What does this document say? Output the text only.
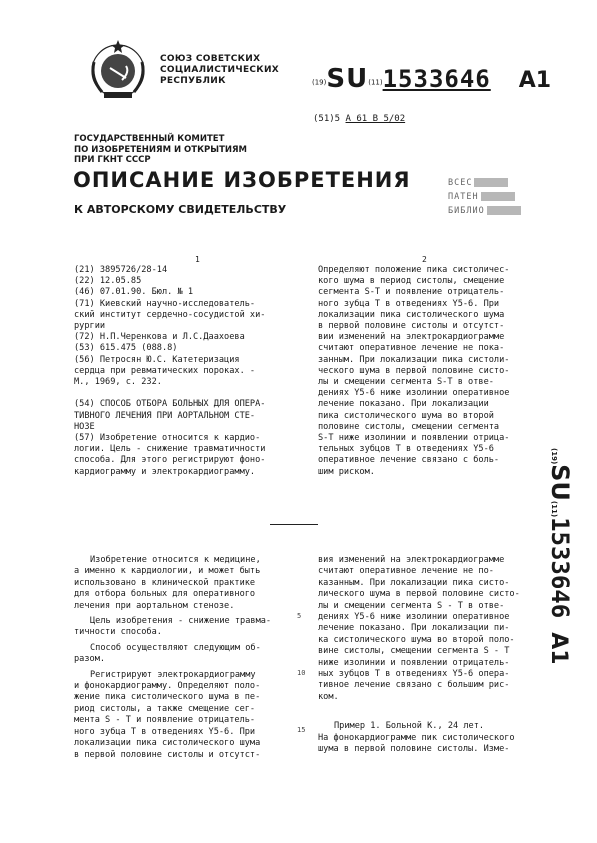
СОЮЗ СОВЕТСКИХ
СОЦИАЛИСТИЧЕСКИХ
РЕСПУБЛИК	(19)SU(11)1533646 A1
(51)5 А 61 В 5/02
ГОСУДАРСТВЕННЫЙ КОМИТЕТ
ПО ИЗОБРЕТЕНИЯМ И ОТКРЫТИЯМ
ПРИ ГКНТ СССР
ОПИСАНИЕ ИЗОБРЕТЕНИЯ
К АВТОРСКОМУ СВИДЕТЕЛЬСТВУ
ВСЕС
ПАТЕН
БИБЛИО
1	2
(21) 3895726/28-14
(22) 12.05.85
(46) 07.01.90. Бюл. № 1
(71) Киевский научно-исследователь-
ский институт сердечно-сосудистой хи-
рургии
(72) Н.П.Черенкова и Л.С.Даахоева
(53) 615.475 (088.8)
(56) Петросян Ю.С. Катетеризация
сердца при ревматических пороках. -
М., 1969, с. 232.
(54) СПОСОБ ОТБОРА БОЛЬНЫХ ДЛЯ ОПЕРА-
ТИВНОГО ЛЕЧЕНИЯ ПРИ АОРТАЛЬНОМ СТЕ-
НОЗЕ
(57) Изобретение относится к кардио-
логии. Цель - снижение травматичности
способа. Для этого регистрируют фоно-
кардиограмму и электрокардиограмму.
Определяют положение пика систоличес-
кого шума в период систолы, смещение
сегмента S-T и появление отрицатель-
ного зубца Т в отведениях Y5-6. При
локализации пика систолического шума
в первой половине систолы и отсутст-
вии изменений на электрокардиограмме
считают оперативное лечение не пока-
занным. При локализации пика систоли-
ческого шума в первой половине систо-
лы и смещении сегмента S-T в отве-
дениях Y5-6 ниже изолинии оперативное
лечение показано. При локализации
пика систолического шума во второй
половине систолы, смещении сегмента
S-T ниже изолинии и появлении отрица-
тельных зубцов Т в отведениях Y5-6
оперативное лечение связано с боль-
шим риском.
Изобретение относится к медицине,
а именно к кардиологии, и может быть
использовано в клинической практике
для отбора больных для оперативного
лечения при аортальном стенозе.
Цель изобретения - снижение травма-
тичности способа.
Способ осуществляют следующим об-
разом.
Регистрируют электрокардиограмму
и фонокардиограмму. Определяют поло-
жение пика систолического шума в пе-
риод систолы, а также смещение сег-
мента S - T и появление отрицатель-
ного зубца Т в отведениях Y5-6. При
локализации пика систолического шума
в первой половине систолы и отсутст-
вия изменений на электрокардиограмме
считают оперативное лечение не по-
казанным. При локализации пика систо-
лического шума в первой половине систо-
лы и смещении сегмента S - T в отве-
дениях Y5-6 ниже изолинии оперативное
лечение показано. При локализации пи-
ка систолического шума во второй поло-
вине систолы, смещении сегмента S - T
ниже изолинии и появлении отрицатель-
ных зубцов Т в отведениях Y5-6 опера-
тивное лечение связано с большим рис-
ком.
Пример 1. Больной К., 24 лет.
На фонокардиограмме пик систолического
шума в первой половине систолы. Изме-
5
10
15
(19)SU(11)1533646A1
